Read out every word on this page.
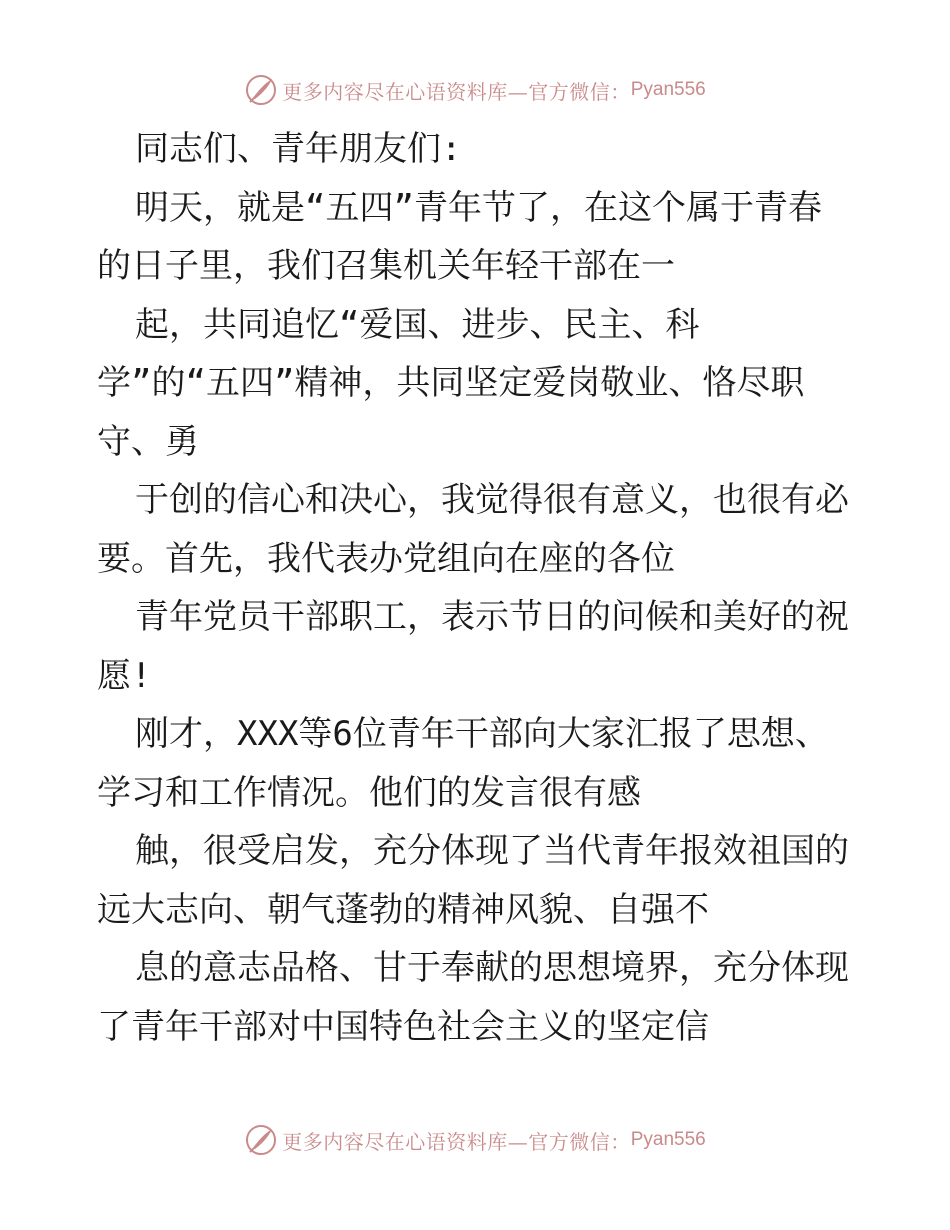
更多内容尽在心语资料库—官方微信： Pyan556

同志们、青年朋友们:

明天，就是“五四”青年节了，在这个属于青春

的日子里，我们召集机关年轻干部在一

起，共同追忆“爱国、进步、民主、科

学”的“五四”精神，共同坚定爱岗敬业、恪尽职

守、勇

于创的信心和决心，我觉得很有意义，也很有必

要。首先，我代表办党组向在座的各位

青年党员干部职工，表示节日的问候和美好的祝

愿!

刚才，XXX等6位青年干部向大家汇报了思想、

学习和工作情况。他们的发言很有感

触，很受启发，充分体现了当代青年报效祖国的

远大志向、朝气蓬勃的精神风貌、自强不

息的意志品格、甘于奉献的思想境界，充分体现

了青年干部对中国特色社会主义的坚定信

更多内容尽在心语资料库—官方微信： Pyan556
